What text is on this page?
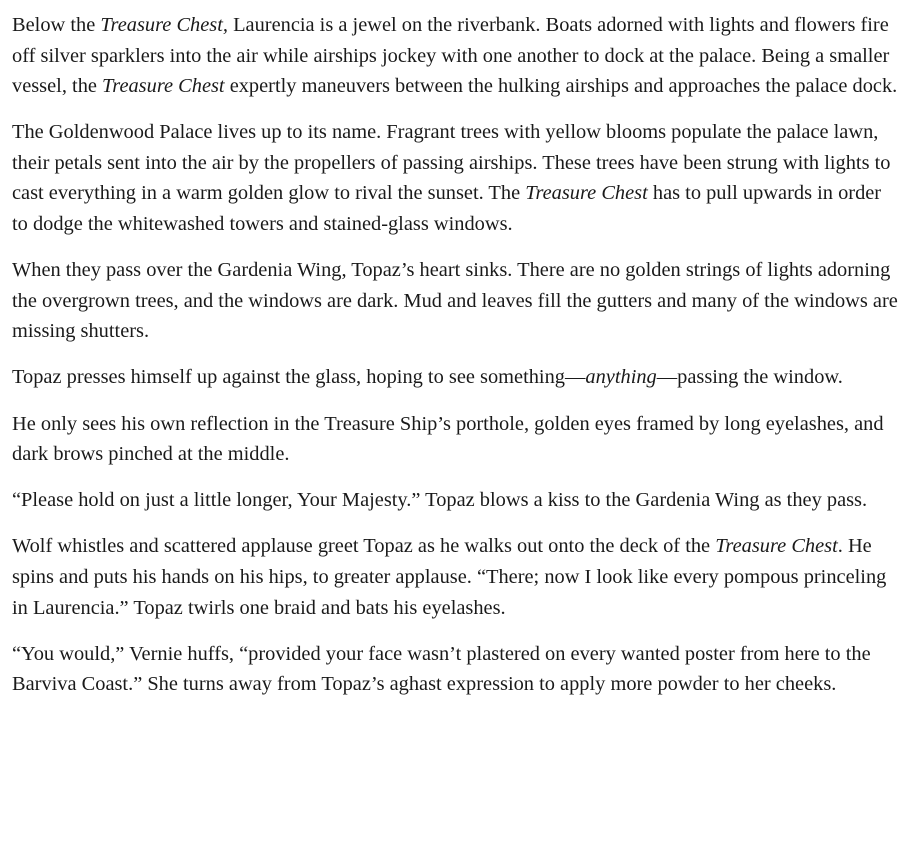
Below the Treasure Chest, Laurencia is a jewel on the riverbank. Boats adorned with lights and flowers fire off silver sparklers into the air while airships jockey with one another to dock at the palace. Being a smaller vessel, the Treasure Chest expertly maneuvers between the hulking airships and approaches the palace dock.

The Goldenwood Palace lives up to its name. Fragrant trees with yellow blooms populate the palace lawn, their petals sent into the air by the propellers of passing airships. These trees have been strung with lights to cast everything in a warm golden glow to rival the sunset. The Treasure Chest has to pull upwards in order to dodge the whitewashed towers and stained-glass windows.

When they pass over the Gardenia Wing, Topaz’s heart sinks. There are no golden strings of lights adorning the overgrown trees, and the windows are dark. Mud and leaves fill the gutters and many of the windows are missing shutters.

Topaz presses himself up against the glass, hoping to see something—anything—passing the window.

He only sees his own reflection in the Treasure Ship’s porthole, golden eyes framed by long eyelashes, and dark brows pinched at the middle.

“Please hold on just a little longer, Your Majesty.” Topaz blows a kiss to the Gardenia Wing as they pass.

Wolf whistles and scattered applause greet Topaz as he walks out onto the deck of the Treasure Chest. He spins and puts his hands on his hips, to greater applause. “There; now I look like every pompous princeling in Laurencia.” Topaz twirls one braid and bats his eyelashes.

“You would,” Vernie huffs, “provided your face wasn’t plastered on every wanted poster from here to the Barviva Coast.” She turns away from Topaz’s aghast expression to apply more powder to her cheeks.
